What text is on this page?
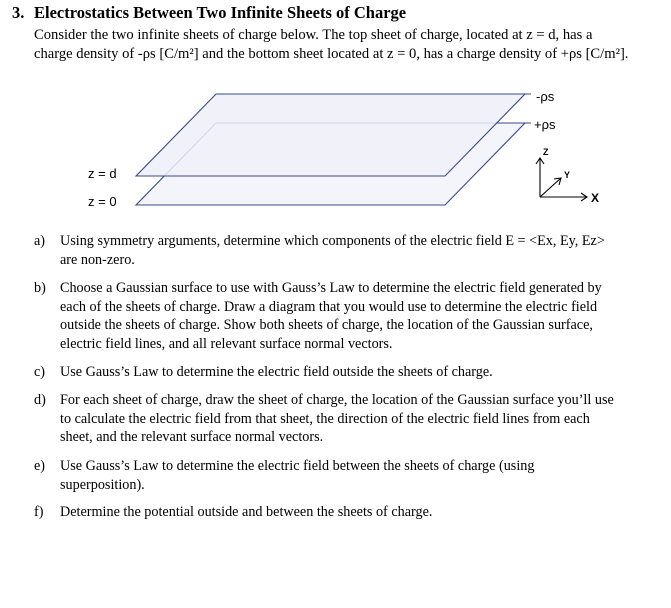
3. Electrostatics Between Two Infinite Sheets of Charge
Consider the two infinite sheets of charge below. The top sheet of charge, located at z = d, has a
charge density of -ρs [C/m²] and the bottom sheet located at z = 0, has a charge density of +ρs [C/m²].
-ρs
+ρs
z = d
z = 0
Z
Y
X
a)	Using symmetry arguments, determine which components of the electric field E = <Ex, Ey, Ez>
are non-zero.
b) Choose a Gaussian surface to use with Gauss’s Law to determine the electric field generated by
each of the sheets of charge. Draw a diagram that you would use to determine the electric field
outside the sheets of charge. Show both sheets of charge, the location of the Gaussian surface,
electric field lines, and all relevant surface normal vectors.
c)	Use Gauss’s Law to determine the electric field outside the sheets of charge.
d) For each sheet of charge, draw the sheet of charge, the location of the Gaussian surface you’ll use
to calculate the electric field from that sheet, the direction of the electric field lines from each
sheet, and the relevant surface normal vectors.
e)	Use Gauss’s Law to determine the electric field between the sheets of charge (using
superposition).
f)	Determine the potential outside and between the sheets of charge.
